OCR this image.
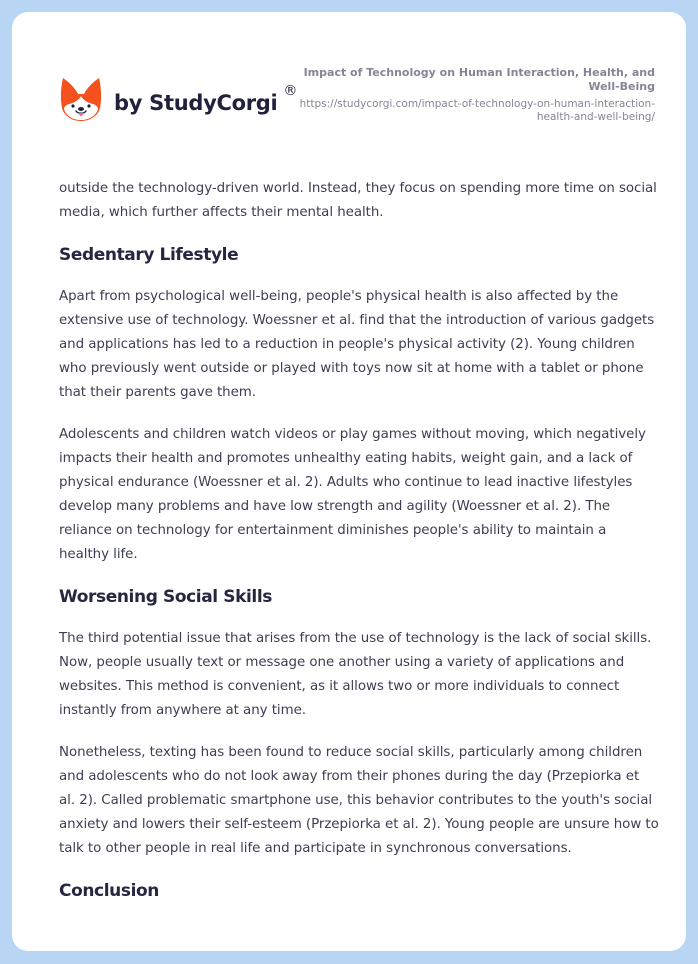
by StudyCorgi ®
Impact of Technology on Human Interaction, Health, and Well-Being
https://studycorgi.com/impact-of-technology-on-human-interaction-health-and-well-being/

outside the technology-driven world. Instead, they focus on spending more time on social media, which further affects their mental health.

Sedentary Lifestyle

Apart from psychological well-being, people's physical health is also affected by the extensive use of technology. Woessner et al. find that the introduction of various gadgets and applications has led to a reduction in people's physical activity (2). Young children who previously went outside or played with toys now sit at home with a tablet or phone that their parents gave them.

Adolescents and children watch videos or play games without moving, which negatively impacts their health and promotes unhealthy eating habits, weight gain, and a lack of physical endurance (Woessner et al. 2). Adults who continue to lead inactive lifestyles develop many problems and have low strength and agility (Woessner et al. 2). The reliance on technology for entertainment diminishes people's ability to maintain a healthy life.

Worsening Social Skills

The third potential issue that arises from the use of technology is the lack of social skills. Now, people usually text or message one another using a variety of applications and websites. This method is convenient, as it allows two or more individuals to connect instantly from anywhere at any time.

Nonetheless, texting has been found to reduce social skills, particularly among children and adolescents who do not look away from their phones during the day (Przepiorka et al. 2). Called problematic smartphone use, this behavior contributes to the youth's social anxiety and lowers their self-esteem (Przepiorka et al. 2). Young people are unsure how to talk to other people in real life and participate in synchronous conversations.

Conclusion
